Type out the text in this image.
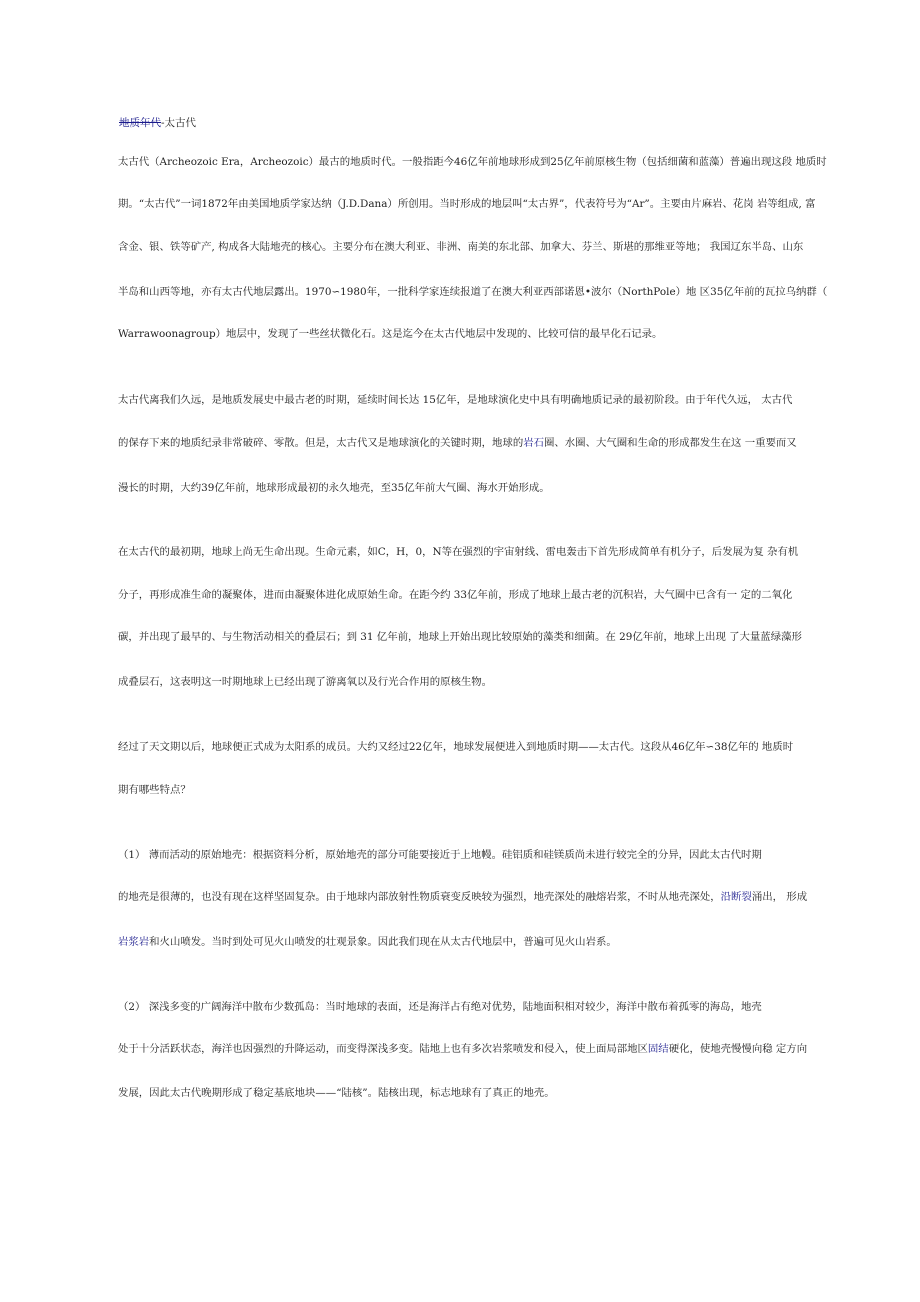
地质年代-太古代
太古代（Archeozoic Era，Archeozoic）最古的地质时代。一般指距今46亿年前地球形成到25亿年前原核生物（包括细菌和蓝藻）普遍出现这段 地质时
期。“太古代”一词1872年由美国地质学家达纳（J.D.Dana）所创用。当时形成的地层叫“太古界”，代表符号为“Ar”。主要由片麻岩、花岗 岩等组成, 富
含金、银、铁等矿产, 构成各大陆地壳的核心。主要分布在澳大利亚、非洲、南美的东北部、加拿大、芬兰、斯堪的那维亚等地； 我国辽东半岛、山东
半岛和山西等地，亦有太古代地层露出。1970∽1980年，一批科学家连续报道了在澳大利亚西部诺恩•波尔（NorthPole）地 区35亿年前的瓦拉乌纳群（
Warrawoonagroup）地层中，发现了一些丝状微化石。这是迄今在太古代地层中发现的、比较可信的最早化石记录。
太古代离我们久远，是地质发展史中最古老的时期，延续时间长达 15亿年，是地球演化史中具有明确地质记录的最初阶段。由于年代久远， 太古代
的保存下来的地质纪录非常破碎、零散。但是，太古代又是地球演化的关键时期，地球的岩石圈、水圈、大气圈和生命的形成都发生在这 一重要而又
漫长的时期，大约39亿年前，地球形成最初的永久地壳，至35亿年前大气圈、海水开始形成。
在太古代的最初期，地球上尚无生命出现。生命元素，如C，H，0，N等在强烈的宇宙射线、雷电轰击下首先形成简单有机分子，后发展为复 杂有机
分子，再形成准生命的凝聚体，进而由凝聚体进化成原始生命。在距今约 33亿年前，形成了地球上最古老的沉积岩，大气圈中已含有一 定的二氧化
碳，并出现了最早的、与生物活动相关的叠层石；到 31 亿年前，地球上开始出现比较原始的藻类和细菌。在 29亿年前，地球上出现 了大量蓝绿藻形
成叠层石，这表明这一时期地球上已经出现了游离氧以及行光合作用的原核生物。
经过了天文期以后，地球便正式成为太阳系的成员。大约又经过22亿年，地球发展便进入到地质时期——太古代。这段从46亿年∽38亿年的 地质时
期有哪些特点？
（1） 薄而活动的原始地壳：根据资料分析，原始地壳的部分可能要接近于上地幔。硅铝质和硅镁质尚未进行较完全的分异，因此太古代时期
的地壳是很薄的，也没有现在这样坚固复杂。由于地球内部放射性物质衰变反映较为强烈，地壳深处的融熔岩浆，不时从地壳深处，沿断裂涌出， 形成
岩浆岩和火山喷发。当时到处可见火山喷发的壮观景象。因此我们现在从太古代地层中，普遍可见火山岩系。
（2） 深浅多变的广阔海洋中散布少数孤岛：当时地球的表面，还是海洋占有绝对优势，陆地面积相对较少，海洋中散布着孤零的海岛，地壳
处于十分活跃状态，海洋也因强烈的升降运动，而变得深浅多变。陆地上也有多次岩浆喷发和侵入，使上面局部地区固结硬化，使地壳慢慢向稳 定方向
发展，因此太古代晚期形成了稳定基底地块——“陆核”。陆核出现，标志地球有了真正的地壳。
